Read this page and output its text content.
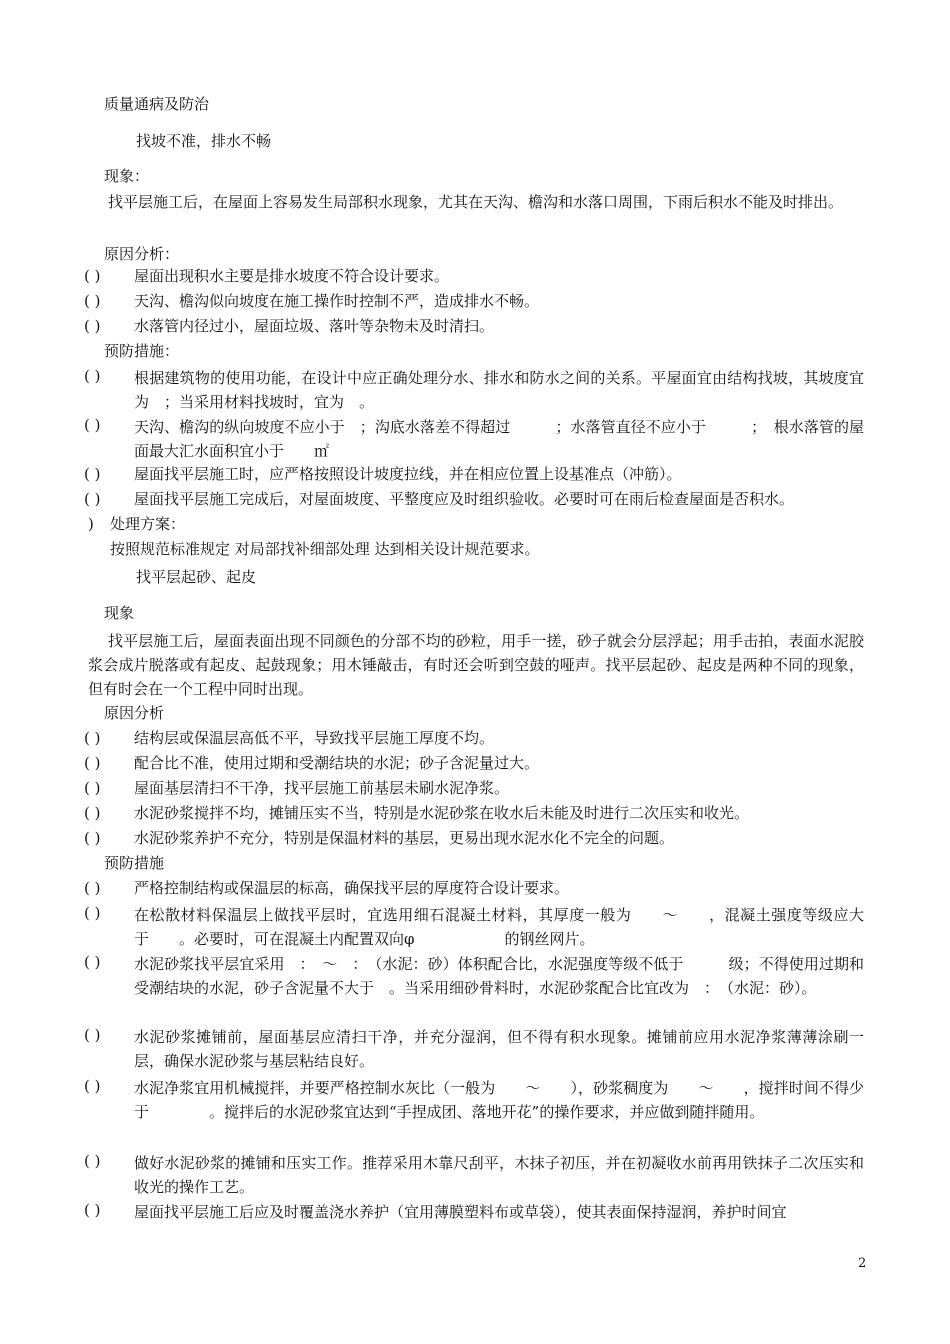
质量通病及防治
找坡不准，排水不畅
现象：
找平层施工后，在屋面上容易发生局部积水现象，尤其在天沟、檐沟和水落口周围，下雨后积水不能及时排出。
原因分析：
( ) 屋面出现积水主要是排水坡度不符合设计要求。
( ) 天沟、檐沟似向坡度在施工操作时控制不严，造成排水不畅。
( ) 水落管内径过小，屋面垃圾、落叶等杂物未及时清扫。
预防措施：
( ) 根据建筑物的使用功能，在设计中应正确处理分水、排水和防水之间的关系。平屋面宜由结构找坡，其坡度宜为　；当采用材料找坡时，宜为　。
( ) 天沟、檐沟的纵向坡度不应小于　；沟底水落差不得超过　　　；水落管直径不应小于　　　；　根水落管的屋面最大汇水面积宜小于　　㎡
( ) 屋面找平层施工时，应严格按照设计坡度拉线，并在相应位置上设基准点（冲筋）。
( ) 屋面找平层施工完成后，对屋面坡度、平整度应及时组织验收。必要时可在雨后检查屋面是否积水。
) 处理方案：
按照规范标准规定 对局部找补细部处理 达到相关设计规范要求。
找平层起砂、起皮
现象
找平层施工后，屋面表面出现不同颜色的分部不均的砂粒，用手一搓，砂子就会分层浮起；用手击拍，表面水泥胶浆会成片脱落或有起皮、起鼓现象；用木锤敲击，有时还会听到空鼓的哑声。找平层起砂、起皮是两种不同的现象，但有时会在一个工程中同时出现。
原因分析
( ) 结构层或保温层高低不平，导致找平层施工厚度不均。
( ) 配合比不准，使用过期和受潮结块的水泥；砂子含泥量过大。
( ) 屋面基层清扫不干净，找平层施工前基层未刷水泥净浆。
( ) 水泥砂浆搅拌不均，摊铺压实不当，特别是水泥砂浆在收水后未能及时进行二次压实和收光。
( ) 水泥砂浆养护不充分，特别是保温材料的基层，更易出现水泥水化不完全的问题。
预防措施
( ) 严格控制结构或保温层的标高，确保找平层的厚度符合设计要求。
( ) 在松散材料保温层上做找平层时，宜选用细石混凝土材料，其厚度一般为　　～　　，混凝土强度等级应大于　　。必要时，可在混凝土内配置双向φ　　　　　　的钢丝网片。
( ) 水泥砂浆找平层宜采用　：　～　：　（水泥：砂）体积配合比，水泥强度等级不低于　　　级；不得使用过期和受潮结块的水泥，砂子含泥量不大于　。当采用细砂骨料时，水泥砂浆配合比宜改为　：　（水泥：砂）。
( ) 水泥砂浆摊铺前，屋面基层应清扫干净，并充分湿润，但不得有积水现象。摊铺前应用水泥净浆薄薄涂刷一层，确保水泥砂浆与基层粘结良好。
( ) 水泥净浆宜用机械搅拌，并要严格控制水灰比（一般为　　～　　），砂浆稠度为　　～　　，搅拌时间不得少于　　　　。搅拌后的水泥砂浆宜达到“手捏成团、落地开花”的操作要求，并应做到随拌随用。
( ) 做好水泥砂浆的摊铺和压实工作。推荐采用木靠尺刮平，木抹子初压，并在初凝收水前再用铁抹子二次压实和收光的操作工艺。
( ) 屋面找平层施工后应及时覆盖浇水养护（宜用薄膜塑料布或草袋），使其表面保持湿润，养护时间宜
2
